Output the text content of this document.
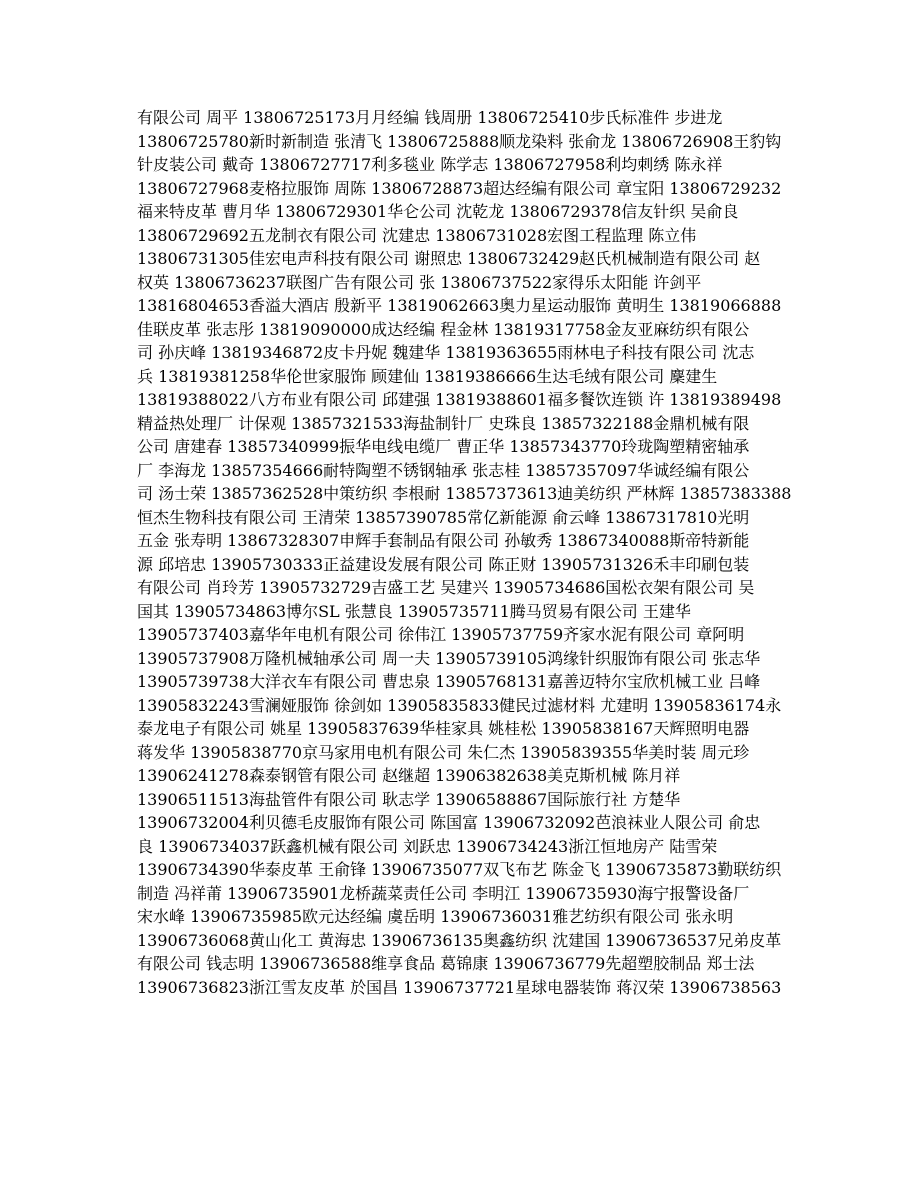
有限公司 周平 13806725173月月经编 钱周册 13806725410步氏标准件 步进龙
13806725780新时新制造 张清飞 13806725888顺龙染料 张俞龙 13806726908王豹钩
针皮装公司 戴奇 13806727717利多毯业 陈学志 13806727958利均刺绣 陈永祥
13806727968麦格拉服饰 周陈 13806728873超达经编有限公司 章宝阳 13806729232
福来特皮革 曹月华 13806729301华仑公司 沈乾龙 13806729378信友针织 吴俞良
13806729692五龙制衣有限公司 沈建忠 13806731028宏图工程监理 陈立伟
13806731305佳宏电声科技有限公司 谢照忠 13806732429赵氏机械制造有限公司 赵
权英 13806736237联图广告有限公司 张 13806737522家得乐太阳能 许剑平
13816804653香溢大酒店 殷新平 13819062663奥力星运动服饰 黄明生 13819066888
佳联皮革 张志彤 13819090000成达经编 程金林 13819317758金友亚麻纺织有限公
司 孙庆峰 13819346872皮卡丹妮 魏建华 13819363655雨林电子科技有限公司 沈志
兵 13819381258华伦世家服饰 顾建仙 13819386666生达毛绒有限公司 麇建生
13819388022八方布业有限公司 邱建强 13819388601福多餐饮连锁 许 13819389498
精益热处理厂 计保观 13857321533海盐制针厂 史珠良 13857322188金鼎机械有限
公司 唐建春 13857340999振华电线电缆厂 曹正华 13857343770玲珑陶塑精密轴承
厂 李海龙 13857354666耐特陶塑不锈钢轴承 张志桂 13857357097华诚经编有限公
司 汤士荣 13857362528中策纺织 李根耐 13857373613迪美纺织 严林辉 13857383388
恒杰生物科技有限公司 王清荣 13857390785常亿新能源 俞云峰 13867317810光明
五金 张寿明 13867328307申辉手套制品有限公司 孙敏秀 13867340088斯帝特新能
源 邱培忠 13905730333正益建设发展有限公司 陈正财 13905731326禾丰印刷包装
有限公司 肖玲芳 13905732729吉盛工艺 吴建兴 13905734686国松衣架有限公司 吴
国其 13905734863博尔SL 张慧良 13905735711腾马贸易有限公司 王建华
13905737403嘉华年电机有限公司 徐伟江 13905737759齐家水泥有限公司 章阿明
13905737908万隆机械轴承公司 周一夫 13905739105鸿缘针织服饰有限公司 张志华
13905739738大洋衣车有限公司 曹忠泉 13905768131嘉善迈特尔宝欣机械工业 吕峰
13905832243雪澜娅服饰 徐剑如 13905835833健民过滤材料 尤建明 13905836174永
泰龙电子有限公司 姚星 13905837639华桂家具 姚桂松 13905838167天辉照明电器
蒋发华 13905838770京马家用电机有限公司 朱仁杰 13905839355华美时装 周元珍
13906241278森泰钢管有限公司 赵继超 13906382638美克斯机械 陈月祥
13906511513海盐管件有限公司 耿志学 13906588867国际旅行社 方楚华
13906732004利贝德毛皮服饰有限公司 陈国富 13906732092芭浪袜业人限公司 俞忠
良 13906734037跃鑫机械有限公司 刘跃忠 13906734243浙江恒地房产 陆雪荣
13906734390华泰皮革 王俞锋 13906735077双飞布艺 陈金飞 13906735873勤联纺织
制造 冯祥莆 13906735901龙桥蔬菜责任公司 李明江 13906735930海宁报警设备厂
宋水峰 13906735985欧元达经编 虞岳明 13906736031雅艺纺织有限公司 张永明
13906736068黄山化工 黄海忠 13906736135奥鑫纺织 沈建国 13906736537兄弟皮革
有限公司 钱志明 13906736588维享食品 葛锦康 13906736779先超塑胶制品 郑士法
13906736823浙江雪友皮革 於国昌 13906737721星球电器装饰 蒋汉荣 13906738563
